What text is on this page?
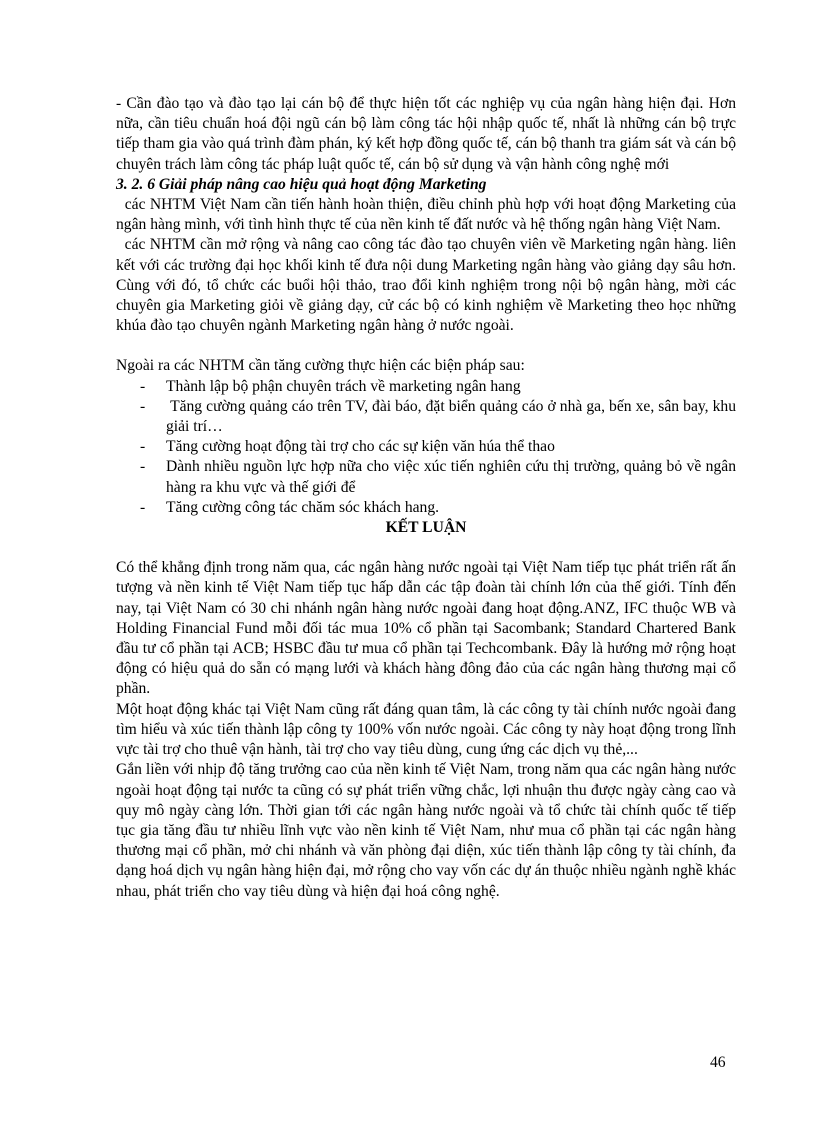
- Cần đào tạo và đào tạo lại cán bộ để thực hiện tốt các nghiệp vụ của ngân hàng hiện đại. Hơn nữa, cần tiêu chuẩn hoá đội ngũ cán bộ làm công tác hội nhập quốc tế, nhất là những cán bộ trực tiếp tham gia vào quá trình đàm phán, ký kết hợp đồng quốc tế, cán bộ thanh tra giám sát và cán bộ chuyên trách làm công tác pháp luật quốc tế, cán bộ sử dụng và vận hành công nghệ mới

3. 2. 6 Giải pháp nâng cao hiệu quả hoạt động Marketing

các NHTM Việt Nam cần tiến hành hoàn thiện, điều chỉnh phù hợp với hoạt động Marketing của ngân hàng mình, với tình hình thực tế của nền kinh tế đất nước và hệ thống ngân hàng Việt Nam.

các NHTM cần mở rộng và nâng cao công tác đào tạo chuyên viên về Marketing ngân hàng. liên kết với các trường đại học khối kinh tế đưa nội dung Marketing ngân hàng vào giảng dạy sâu hơn. Cùng với đó, tổ chức các buổi hội thảo, trao đổi kinh nghiệm trong nội bộ ngân hàng, mời các chuyên gia Marketing giỏi về giảng dạy, cử các bộ có kinh nghiệm về Marketing theo học những khúa đào tạo chuyên ngành Marketing ngân hàng ở nước ngoài.

Ngoài ra các NHTM cần tăng cường thực hiện các biện pháp sau:

- Thành lập bộ phận chuyên trách về marketing ngân hang
- Tăng cường quảng cáo trên TV, đài báo, đặt biển quảng cáo ở nhà ga, bến xe, sân bay, khu giải trí…
- Tăng cường hoạt động tài trợ cho các sự kiện văn húa thể thao
- Dành nhiều nguồn lực hợp nữa cho việc xúc tiến nghiên cứu thị trường, quảng bỏ về ngân hàng ra khu vực và thế giới để
- Tăng cường công tác chăm sóc khách hang.

KẾT LUẬN

Có thể khẳng định trong năm qua, các ngân hàng nước ngoài tại Việt Nam tiếp tục phát triển rất ấn tượng và nền kinh tế Việt Nam tiếp tục hấp dẫn các tập đoàn tài chính lớn của thế giới. Tính đến nay, tại Việt Nam có 30 chi nhánh ngân hàng nước ngoài đang hoạt động.ANZ, IFC thuộc WB và Holding Financial Fund mỗi đối tác mua 10% cổ phần tại Sacombank; Standard Chartered Bank đầu tư cổ phần tại ACB; HSBC đầu tư mua cổ phần tại Techcombank. Đây là hướng mở rộng hoạt động có hiệu quả do sẵn có mạng lưới và khách hàng đông đảo của các ngân hàng thương mại cổ phần.

Một hoạt động khác tại Việt Nam cũng rất đáng quan tâm, là các công ty tài chính nước ngoài đang tìm hiểu và xúc tiến thành lập công ty 100% vốn nước ngoài. Các công ty này hoạt động trong lĩnh vực tài trợ cho thuê vận hành, tài trợ cho vay tiêu dùng, cung ứng các dịch vụ thẻ,...

Gắn liền với nhịp độ tăng trưởng cao của nền kinh tế Việt Nam, trong năm qua các ngân hàng nước ngoài hoạt động tại nước ta cũng có sự phát triển vững chắc, lợi nhuận thu được ngày càng cao và quy mô ngày càng lớn. Thời gian tới các ngân hàng nước ngoài và tổ chức tài chính quốc tế tiếp tục gia tăng đầu tư nhiều lĩnh vực vào nền kinh tế Việt Nam, như mua cổ phần tại các ngân hàng thương mại cổ phần, mở chi nhánh và văn phòng đại diện, xúc tiến thành lập công ty tài chính, đa dạng hoá dịch vụ ngân hàng hiện đại, mở rộng cho vay vốn các dự án thuộc nhiều ngành nghề khác nhau, phát triển cho vay tiêu dùng và hiện đại hoá công nghệ.

46
